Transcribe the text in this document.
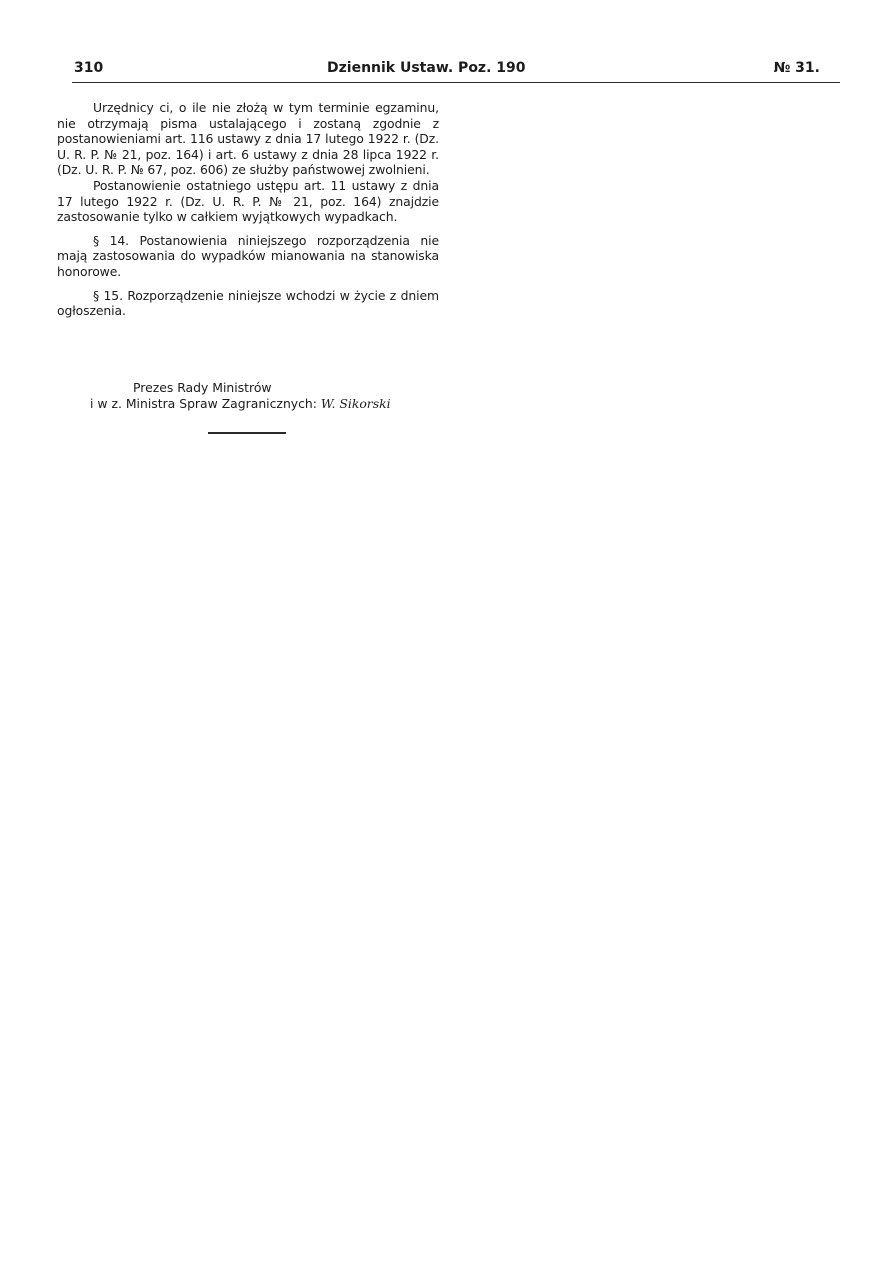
310	Dziennik Ustaw. Poz. 190	№ 31.

Urzędnicy ci, o ile nie złożą w tym terminie egzaminu, nie otrzymają pisma ustalającego i zostaną zgodnie z postanowieniami art. 116 ustawy z dnia 17 lutego 1922 r. (Dz. U. R. P. № 21, poz. 164) i art. 6 ustawy z dnia 28 lipca 1922 r. (Dz. U. R. P. № 67, poz. 606) ze służby państwowej zwolnieni.

Postanowienie ostatniego ustępu art. 11 ustawy z dnia 17 lutego 1922 r. (Dz. U. R. P. № 21, poz. 164) znajdzie zastosowanie tylko w całkiem wyjątkowych wypadkach.

§ 14. Postanowienia niniejszego rozporządzenia nie mają zastosowania do wypadków mianowania na stanowiska honorowe.

§ 15. Rozporządzenie niniejsze wchodzi w życie z dniem ogłoszenia.

Prezes Rady Ministrów
i w z. Ministra Spraw Zagranicznych: W. Sikorski
